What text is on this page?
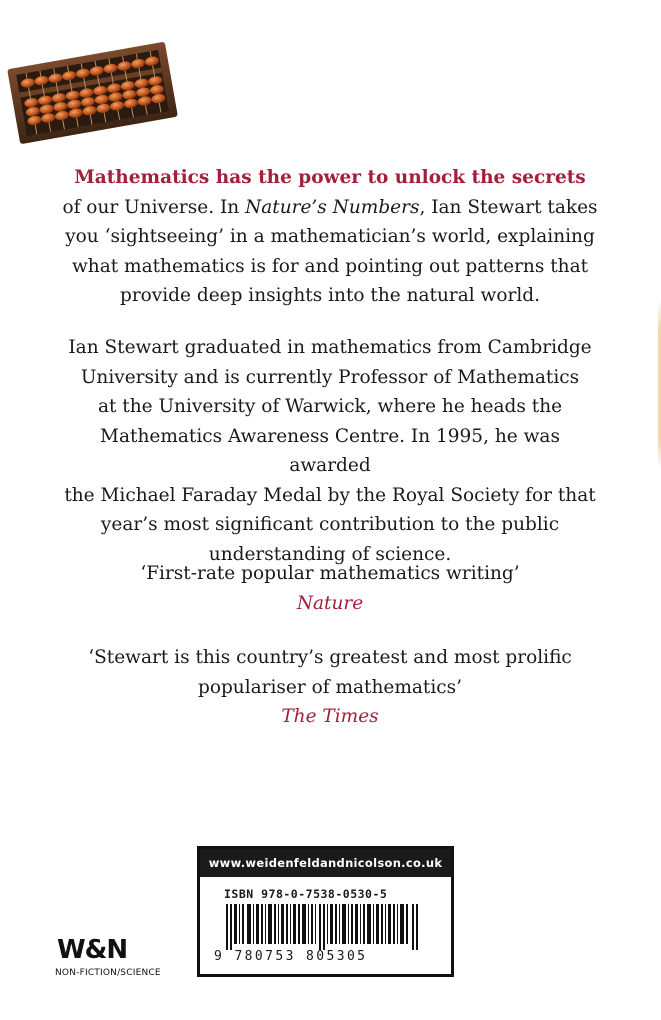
Mathematics has the power to unlock the secrets
of our Universe. In Nature’s Numbers, Ian Stewart takes
you ‘sightseeing’ in a mathematician’s world, explaining
what mathematics is for and pointing out patterns that
provide deep insights into the natural world.
Ian Stewart graduated in mathematics from Cambridge
University and is currently Professor of Mathematics
at the University of Warwick, where he heads the
Mathematics Awareness Centre. In 1995, he was awarded
the Michael Faraday Medal by the Royal Society for that
year’s most significant contribution to the public
understanding of science.
‘First-rate popular mathematics writing’
Nature
‘Stewart is this country’s greatest and most prolific
populariser of mathematics’
The Times
www.weidenfeldandnicolson.co.uk
ISBN 978-0-7538-0530-5
9 780753 805305
W&N
NON-FICTION/SCIENCE
